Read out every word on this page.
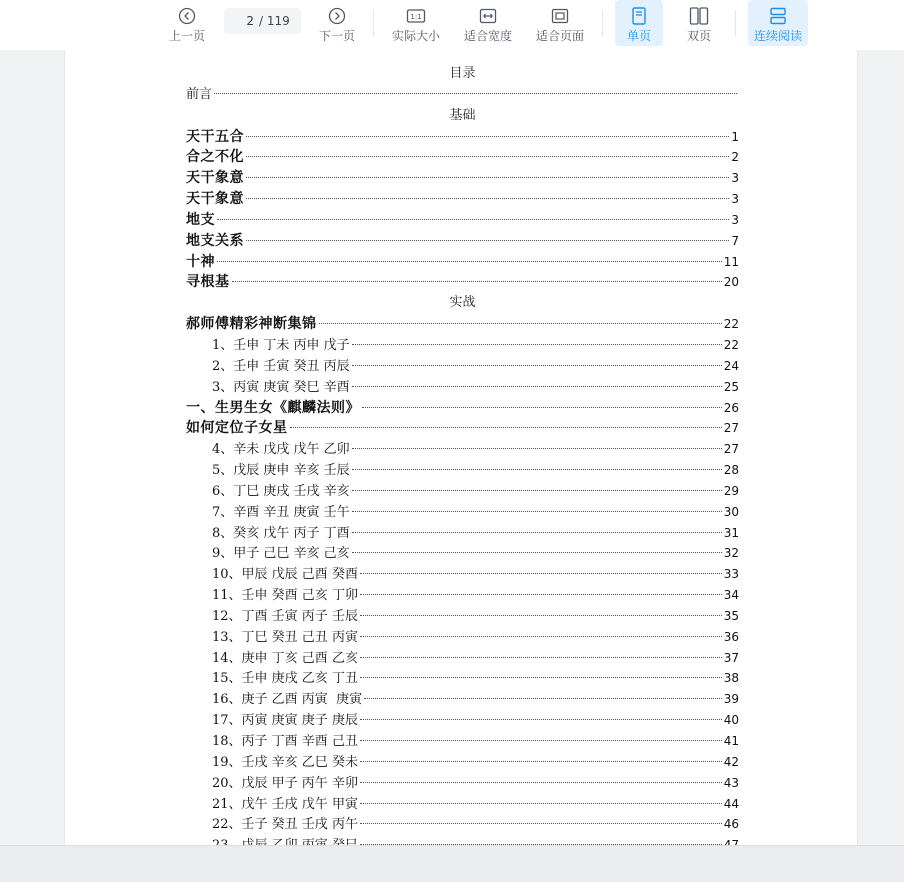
上一页
2 / 119
下一页
1:1
实际大小 适合宽度 适合页面	单页	双页	连续阅读
目录
前言
基础
天干五合	1
合之不化	2
天干象意	3
天干象意	3
地支	3
地支关系	7
十神	11
寻根基	20
实战
郝师傅精彩神断集锦	22
1、壬申 丁未 丙申 戊子	22
2、壬申 壬寅 癸丑 丙辰	24
3、丙寅 庚寅 癸巳 辛酉	25
一、生男生女《麒麟法则》	26
如何定位子女星	27
4、辛未 戊戌 戊午 乙卯	27
5、戊辰 庚申 辛亥 壬辰	28
6、丁巳 庚戌 壬戌 辛亥	29
7、辛酉 辛丑 庚寅 壬午	30
8、癸亥 戊午 丙子 丁酉	31
9、甲子 己巳 辛亥 己亥	32
10、甲辰 戊辰 己酉 癸酉	33
11、壬申 癸酉 己亥 丁卯	34
12、丁酉 壬寅 丙子 壬辰	35
13、丁巳 癸丑 己丑 丙寅	36
14、庚申 丁亥 己酉 乙亥	37
15、壬申 庚戌 乙亥 丁丑	38
16、庚子 乙酉 丙寅  庚寅	39
17、丙寅 庚寅 庚子 庚辰	40
18、丙子 丁酉 辛酉 己丑	41
19、壬戌 辛亥 乙巳 癸未	42
20、戊辰 甲子 丙午 辛卯	43
21、戊午 壬戌 戊午 甲寅	44
22、壬子 癸丑 壬戌 丙午	46
